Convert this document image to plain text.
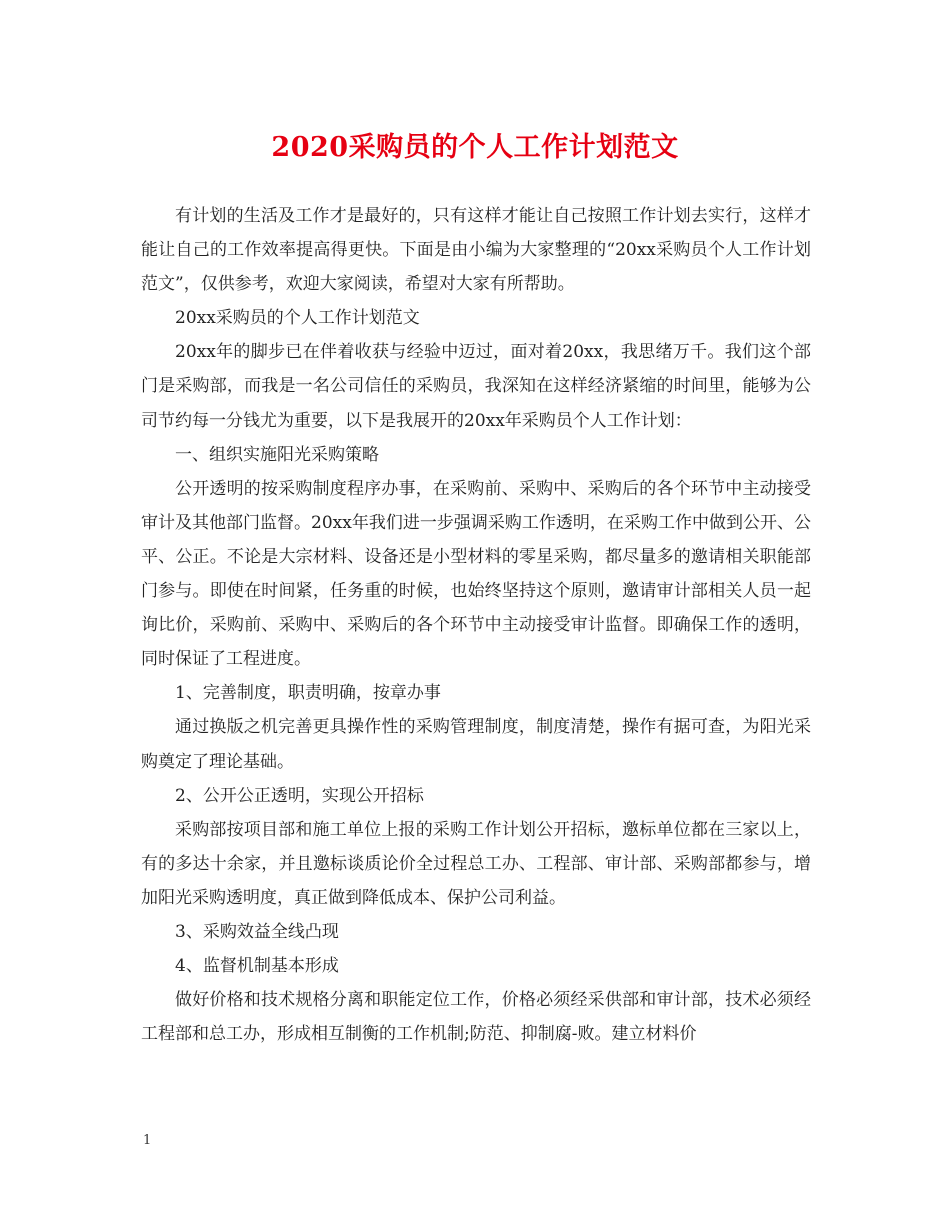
2020采购员的个人工作计划范文

有计划的生活及工作才是最好的，只有这样才能让自己按照工作计划去实行，这样才能让自己的工作效率提高得更快。下面是由小编为大家整理的“20xx采购员个人工作计划范文”，仅供参考，欢迎大家阅读，希望对大家有所帮助。

20xx采购员的个人工作计划范文

20xx年的脚步已在伴着收获与经验中迈过，面对着20xx，我思绪万千。我们这个部门是采购部，而我是一名公司信任的采购员，我深知在这样经济紧缩的时间里，能够为公司节约每一分钱尤为重要，以下是我展开的20xx年采购员个人工作计划：

一、组织实施阳光采购策略

公开透明的按采购制度程序办事，在采购前、采购中、采购后的各个环节中主动接受审计及其他部门监督。20xx年我们进一步强调采购工作透明，在采购工作中做到公开、公平、公正。不论是大宗材料、设备还是小型材料的零星采购，都尽量多的邀请相关职能部门参与。即使在时间紧，任务重的时候，也始终坚持这个原则，邀请审计部相关人员一起询比价，采购前、采购中、采购后的各个环节中主动接受审计监督。即确保工作的透明，同时保证了工程进度。

1、完善制度，职责明确，按章办事

通过换版之机完善更具操作性的采购管理制度，制度清楚，操作有据可查，为阳光采购奠定了理论基础。

2、公开公正透明，实现公开招标

采购部按项目部和施工单位上报的采购工作计划公开招标，邀标单位都在三家以上，有的多达十余家，并且邀标谈质论价全过程总工办、工程部、审计部、采购部都参与，增加阳光采购透明度，真正做到降低成本、保护公司利益。

3、采购效益全线凸现

4、监督机制基本形成

做好价格和技术规格分离和职能定位工作，价格必须经采供部和审计部，技术必须经工程部和总工办，形成相互制衡的工作机制;防范、抑制腐-败。建立材料价

1
